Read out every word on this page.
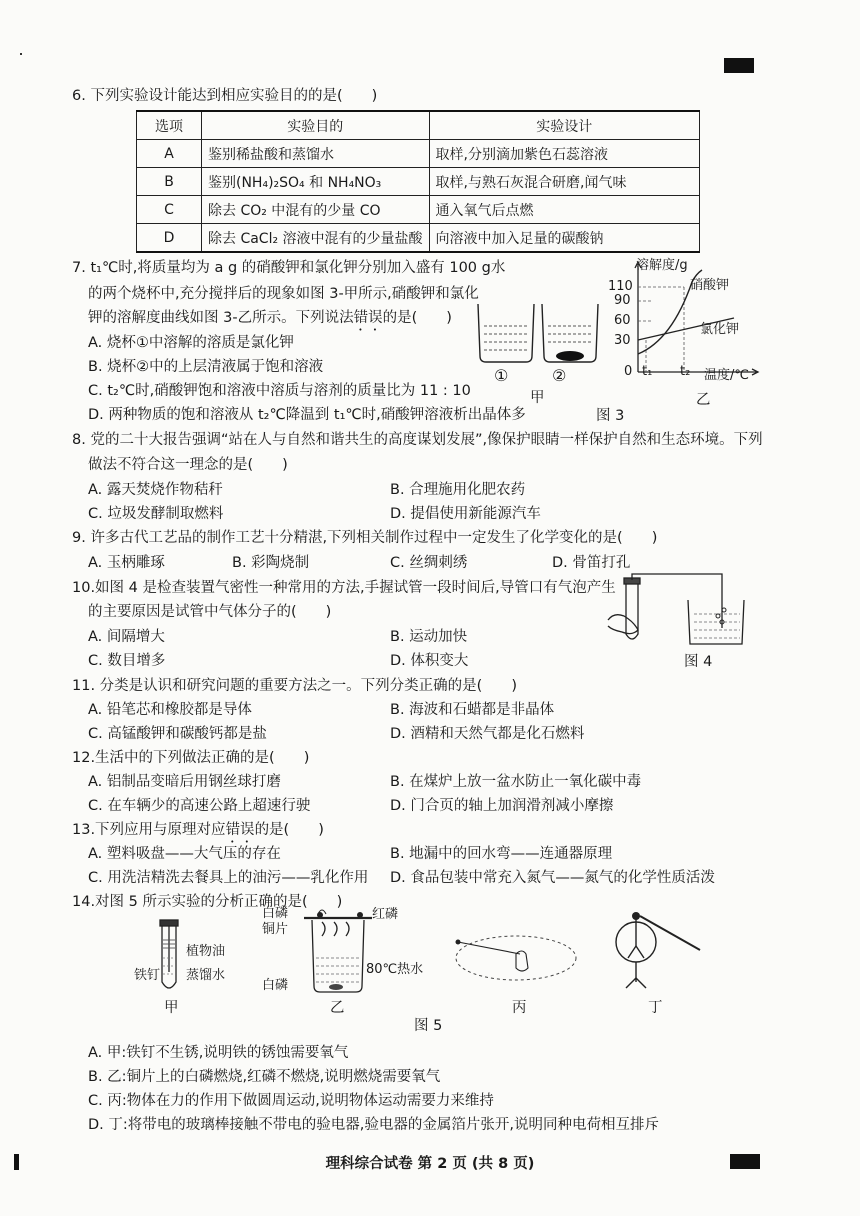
6. 下列实验设计能达到相应实验目的的是(　　)
选项	实验目的	实验设计
A	鉴别稀盐酸和蒸馏水	取样,分别滴加紫色石蕊溶液
B	鉴别(NH₄)₂SO₄ 和 NH₄NO₃	取样,与熟石灰混合研磨,闻气味
C	除去 CO₂ 中混有的少量 CO	通入氧气后点燃
D	除去 CaCl₂ 溶液中混有的少量盐酸	向溶液中加入足量的碳酸钠
7. t₁℃时,将质量均为 a g 的硝酸钾和氯化钾分别加入盛有 100 g水
的两个烧杯中,充分搅拌后的现象如图 3-甲所示,硝酸钾和氯化
钾的溶解度曲线如图 3-乙所示。下列说法错误的是(　　)
A. 烧杯①中溶解的溶质是氯化钾
B. 烧杯②中的上层清液属于饱和溶液
C. t₂℃时,硝酸钾饱和溶液中溶质与溶剂的质量比为 11 : 10
D. 两种物质的饱和溶液从 t₂℃降温到 t₁℃时,硝酸钾溶液析出晶体多
①	②
甲
溶解度/g
硝酸钾
氯化钾
110
90
60
30
0 t₁ t₂ 温度/℃
图 3
乙
8. 党的二十大报告强调“站在人与自然和谐共生的高度谋划发展”,像保护眼睛一样保护自然和生态环境。下列
做法不符合这一理念的是(　　)
A. 露天焚烧作物秸秆	B. 合理施用化肥农药
C. 垃圾发酵制取燃料	D. 提倡使用新能源汽车
9. 许多古代工艺品的制作工艺十分精湛,下列相关制作过程中一定发生了化学变化的是(　　)
A. 玉柄雕琢	B. 彩陶烧制	C. 丝绸刺绣	D. 骨笛打孔
10.如图 4 是检查装置气密性一种常用的方法,手握试管一段时间后,导管口有气泡产生
的主要原因是试管中气体分子的(　　)
A. 间隔增大	B. 运动加快
C. 数目增多	D. 体积变大	图 4
11. 分类是认识和研究问题的重要方法之一。下列分类正确的是(　　)
A. 铅笔芯和橡胶都是导体	B. 海波和石蜡都是非晶体
C. 高锰酸钾和碳酸钙都是盐	D. 酒精和天然气都是化石燃料
12.生活中的下列做法正确的是(　　)
A. 铝制品变暗后用钢丝球打磨	B. 在煤炉上放一盆水防止一氧化碳中毒
C. 在车辆少的高速公路上超速行驶	D. 门合页的轴上加润滑剂减小摩擦
13.下列应用与原理对应错误的是(　　)
A. 塑料吸盘——大气压的存在	B. 地漏中的回水弯——连通器原理
C. 用洗洁精洗去餐具上的油污——乳化作用 D. 食品包装中常充入氮气——氮气的化学性质活泼
14.对图 5 所示实验的分析正确的是(　　)
植物油
铁钉 蒸馏水
甲
白磷
铜片
红磷
80℃热水
白磷
乙	丙	丁
图 5
A. 甲:铁钉不生锈,说明铁的锈蚀需要氧气
B. 乙:铜片上的白磷燃烧,红磷不燃烧,说明燃烧需要氧气
C. 丙:物体在力的作用下做圆周运动,说明物体运动需要力来维持
D. 丁:将带电的玻璃棒接触不带电的验电器,验电器的金属箔片张开,说明同种电荷相互排斥
理科综合试卷 第 2 页 (共 8 页)
